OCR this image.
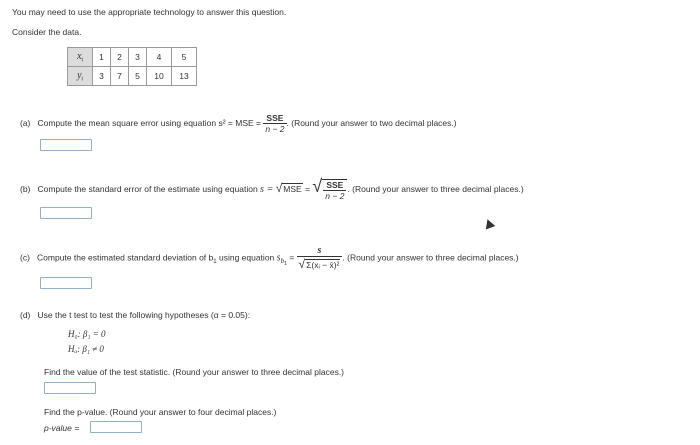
You may need to use the appropriate technology to answer this question.
Consider the data.
$x_i$	1	2	3	4	5
$y_i$	3	7	5	10	13
(a) Compute the mean square error using equation s² = MSE = $\frac{\text{SSE}}{n - 2}$ . (Round your answer to two decimal places.)
(b) Compute the standard error of the estimate using equation s = √MSE = √ $\frac{\text{SSE}}{n - 2}$ . (Round your answer to three decimal places.)
(c) Compute the estimated standard deviation of $b_1$ using equation $s_{b_1} = \frac{s}{\text{√Σ(xᵢ − x̄)²}}$ . (Round your answer to three decimal places.)
(d) Use the t test to test the following hypotheses (α = 0.05):
H₀: β₁ = 0
Hₐ: β₁ ≠ 0
Find the value of the test statistic. (Round your answer to three decimal places.)
Find the p-value. (Round your answer to four decimal places.)
p-value =
